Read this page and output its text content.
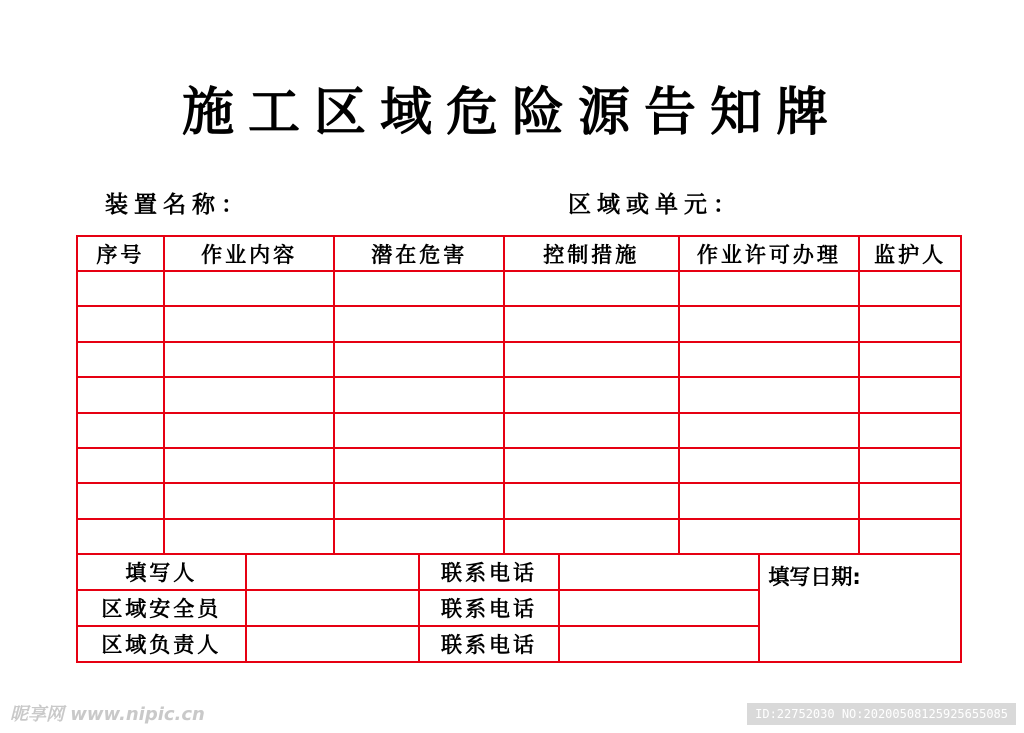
施工区域危险源告知牌
装置名称：	区域或单元：
序号	作业内容	潜在危害	控制措施	作业许可办理	监护人

填写人		联系电话		填写日期:
区域安全员		联系电话		
区域负责人		联系电话		
昵享网 www.nipic.cn	ID:22752030 NO:20200508125925655085
